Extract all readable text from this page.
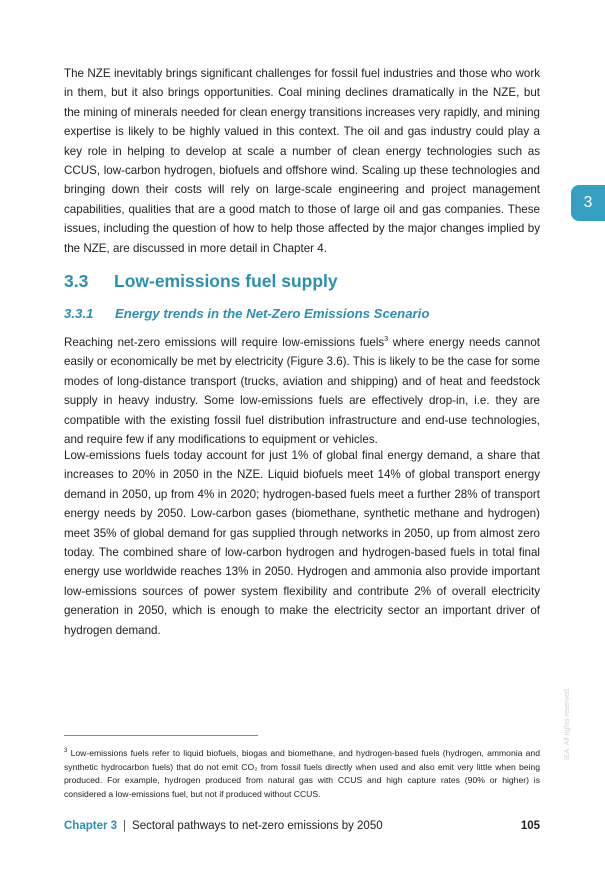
The NZE inevitably brings significant challenges for fossil fuel industries and those who work in them, but it also brings opportunities. Coal mining declines dramatically in the NZE, but the mining of minerals needed for clean energy transitions increases very rapidly, and mining expertise is likely to be highly valued in this context. The oil and gas industry could play a key role in helping to develop at scale a number of clean energy technologies such as CCUS, low-carbon hydrogen, biofuels and offshore wind. Scaling up these technologies and bringing down their costs will rely on large-scale engineering and project management capabilities, qualities that are a good match to those of large oil and gas companies. These issues, including the question of how to help those affected by the major changes implied by the NZE, are discussed in more detail in Chapter 4.

3
3.3 Low-emissions fuel supply
3.3.1 Energy trends in the Net-Zero Emissions Scenario

Reaching net-zero emissions will require low-emissions fuels$^3$ where energy needs cannot easily or economically be met by electricity (Figure 3.6). This is likely to be the case for some modes of long-distance transport (trucks, aviation and shipping) and of heat and feedstock supply in heavy industry. Some low-emissions fuels are effectively drop-in, i.e. they are compatible with the existing fossil fuel distribution infrastructure and end-use technologies, and require few if any modifications to equipment or vehicles.

Low-emissions fuels today account for just 1% of global final energy demand, a share that increases to 20% in 2050 in the NZE. Liquid biofuels meet 14% of global transport energy demand in 2050, up from 4% in 2020; hydrogen-based fuels meet a further 28% of transport energy needs by 2050. Low-carbon gases (biomethane, synthetic methane and hydrogen) meet 35% of global demand for gas supplied through networks in 2050, up from almost zero today. The combined share of low-carbon hydrogen and hydrogen-based fuels in total final energy use worldwide reaches 13% in 2050. Hydrogen and ammonia also provide important low-emissions sources of power system flexibility and contribute 2% of overall electricity generation in 2050, which is enough to make the electricity sector an important driver of hydrogen demand.

$^3$ Low-emissions fuels refer to liquid biofuels, biogas and biomethane, and hydrogen-based fuels (hydrogen, ammonia and synthetic hydrocarbon fuels) that do not emit CO₂ from fossil fuels directly when used and also emit very little when being produced. For example, hydrogen produced from natural gas with CCUS and high capture rates (90% or higher) is considered a low-emissions fuel, but not if produced without CCUS.

Chapter 3 | Sectoral pathways to net-zero emissions by 2050	105
IEA. All rights reserved.
